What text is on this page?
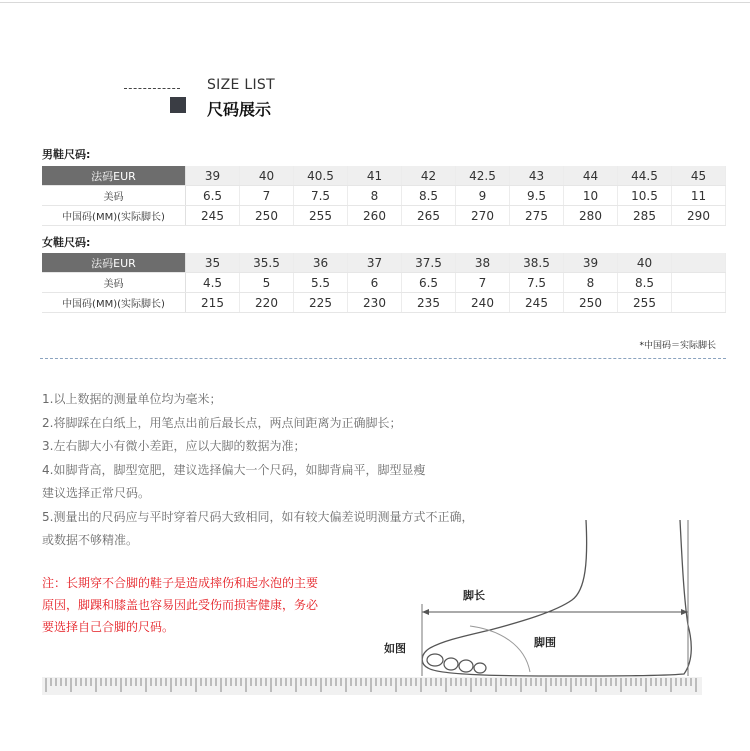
SIZE LIST
尺码展示
男鞋尺码:
法码EUR	39	40	40.5	41	42	42.5	43	44	44.5	45
美码	6.5	7	7.5	8	8.5	9	9.5	10	10.5	11
中国码(MM)(实际脚长)	245	250	255	260	265	270	275	280	285	290
女鞋尺码:
法码EUR	35	35.5	36	37	37.5	38	38.5	39	40	
美码	4.5	5	5.5	6	6.5	7	7.5	8	8.5	
中国码(MM)(实际脚长)	215	220	225	230	235	240	245	250	255	
*中国码＝实际脚长

1.以上数据的测量单位均为毫米；

2.将脚踩在白纸上，用笔点出前后最长点，两点间距离为正确脚长；

3.左右脚大小有微小差距，应以大脚的数据为准；

4.如脚背高，脚型宽肥，建议选择偏大一个尺码，如脚背扁平，脚型显瘦

建议选择正常尺码。

5.测量出的尺码应与平时穿着尺码大致相同，如有较大偏差说明测量方式不正确，

或数据不够精准。

注：长期穿不合脚的鞋子是造成摔伤和起水泡的主要

原因，脚踝和膝盖也容易因此受伤而损害健康，务必

要选择自己合脚的尺码。

脚长
脚围
如图
